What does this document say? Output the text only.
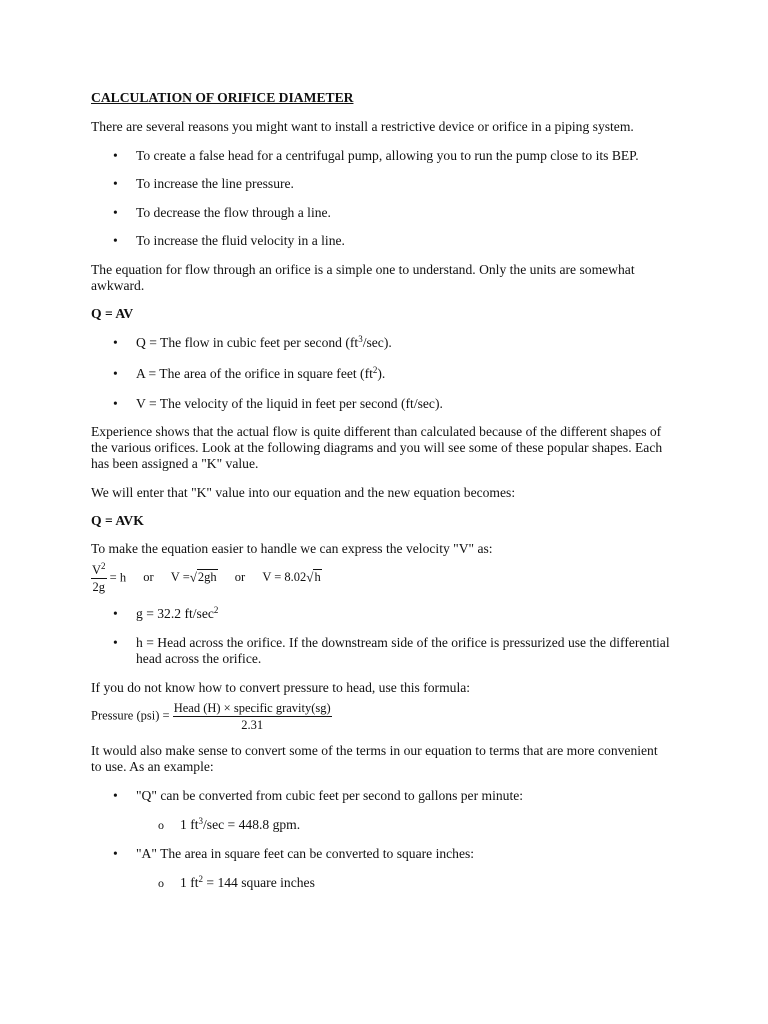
CALCULATION OF ORIFICE DIAMETER
There are several reasons you might want to install a restrictive device or orifice in a piping system.
• To create a false head for a centrifugal pump, allowing you to run the pump close to its BEP.
• To increase the line pressure.
• To decrease the flow through a line.
• To increase the fluid velocity in a line.
The equation for flow through an orifice is a simple one to understand. Only the units are somewhat awkward.
Q = AV
• Q = The flow in cubic feet per second $(ft^3/\sec)$.
• A = The area of the orifice in square feet $(ft^2)$.
• V = The velocity of the liquid in feet per second (ft/sec).
Experience shows that the actual flow is quite different than calculated because of the different shapes of the various orifices. Look at the following diagrams and you will see some of these popular shapes. Each has been assigned a "K" value.
We will enter that "K" value into our equation and the new equation becomes:
Q = AVK
To make the equation easier to handle we can express the velocity "V" as:
$\frac{V^2}{2g} = h$ or V =√2gh or V = 8.02√h
• g = 32.2 $ft/\sec^2$
• h = Head across the orifice. If the downstream side of the orifice is pressurized use the differential head across the orifice.
If you do not know how to convert pressure to head, use this formula:
Pressure $(psi) = \frac{\text{Head (H) × specific gravity(sg)}}{2.31}$
It would also make sense to convert some of the terms in our equation to terms that are more convenient to use. As an example:
• "Q" can be converted from cubic feet per second to gallons per minute:
o 1 $ft^3/\sec = 448.8$ gpm.
• "A" The area in square feet can be converted to square inches:
o 1 $ft^2 = 144$ square inches
